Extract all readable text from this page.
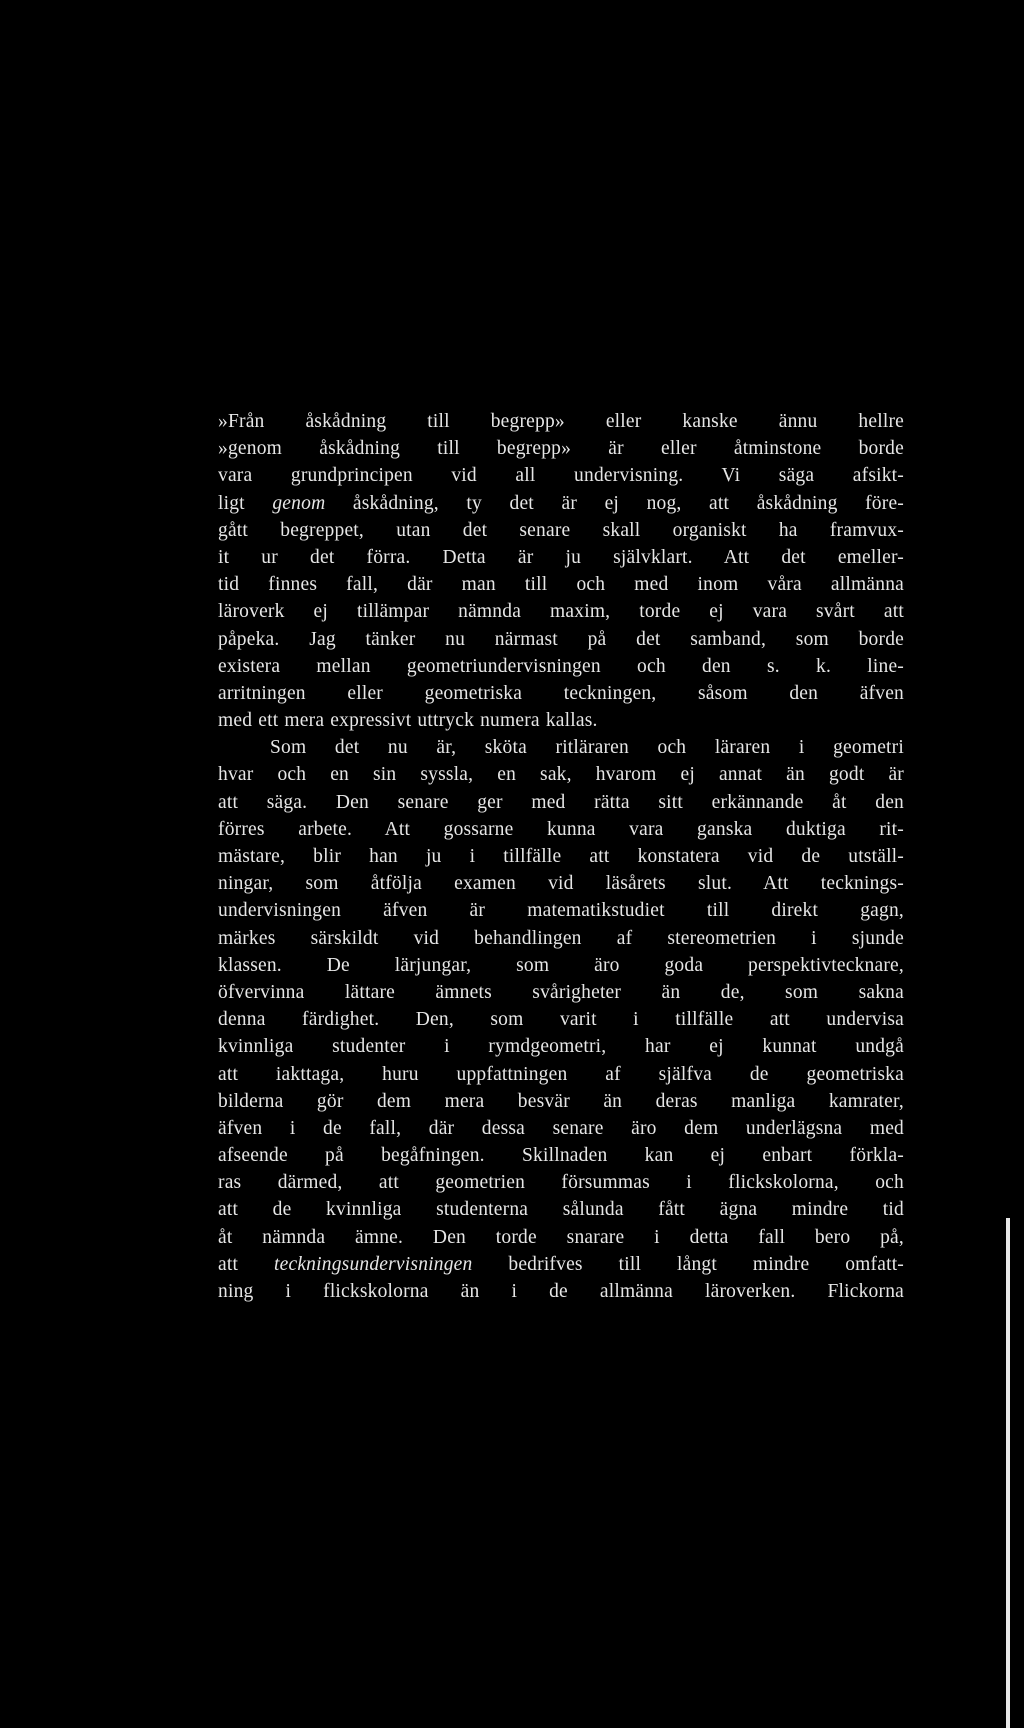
»Från åskådning till begrepp» eller kanske ännu hellre
»genom åskådning till begrepp» är eller åtminstone borde
vara grundprincipen vid all undervisning. Vi säga afsikt-
ligt genom åskådning, ty det är ej nog, att åskådning före-
gått begreppet, utan det senare skall organiskt ha framvux-
it ur det förra. Detta är ju självklart. Att det emeller-
tid finnes fall, där man till och med inom våra allmänna
läroverk ej tillämpar nämnda maxim, torde ej vara svårt att
påpeka. Jag tänker nu närmast på det samband, som borde
existera mellan geometriundervisningen och den s. k. line-
arritningen eller geometriska teckningen, såsom den äfven
med ett mera expressivt uttryck numera kallas.
Som det nu är, sköta ritläraren och läraren i geometri
hvar och en sin syssla, en sak, hvarom ej annat än godt är
att säga. Den senare ger med rätta sitt erkännande åt den
förres arbete. Att gossarne kunna vara ganska duktiga rit-
mästare, blir han ju i tillfälle att konstatera vid de utställ-
ningar, som åtfölja examen vid läsårets slut. Att tecknings-
undervisningen äfven är matematikstudiet till direkt gagn,
märkes särskildt vid behandlingen af stereometrien i sjunde
klassen. De lärjungar, som äro goda perspektivtecknare,
öfvervinna lättare ämnets svårigheter än de, som sakna
denna färdighet. Den, som varit i tillfälle att undervisa
kvinnliga studenter i rymdgeometri, har ej kunnat undgå
att iakttaga, huru uppfattningen af själfva de geometriska
bilderna gör dem mera besvär än deras manliga kamrater,
äfven i de fall, där dessa senare äro dem underlägsna med
afseende på begåfningen. Skillnaden kan ej enbart förkla-
ras därmed, att geometrien försummas i flickskolorna, och
att de kvinnliga studenterna sålunda fått ägna mindre tid
åt nämnda ämne. Den torde snarare i detta fall bero på,
att teckningsundervisningen bedrifves till långt mindre omfatt-
ning i flickskolorna än i de allmänna läroverken. Flickorna
